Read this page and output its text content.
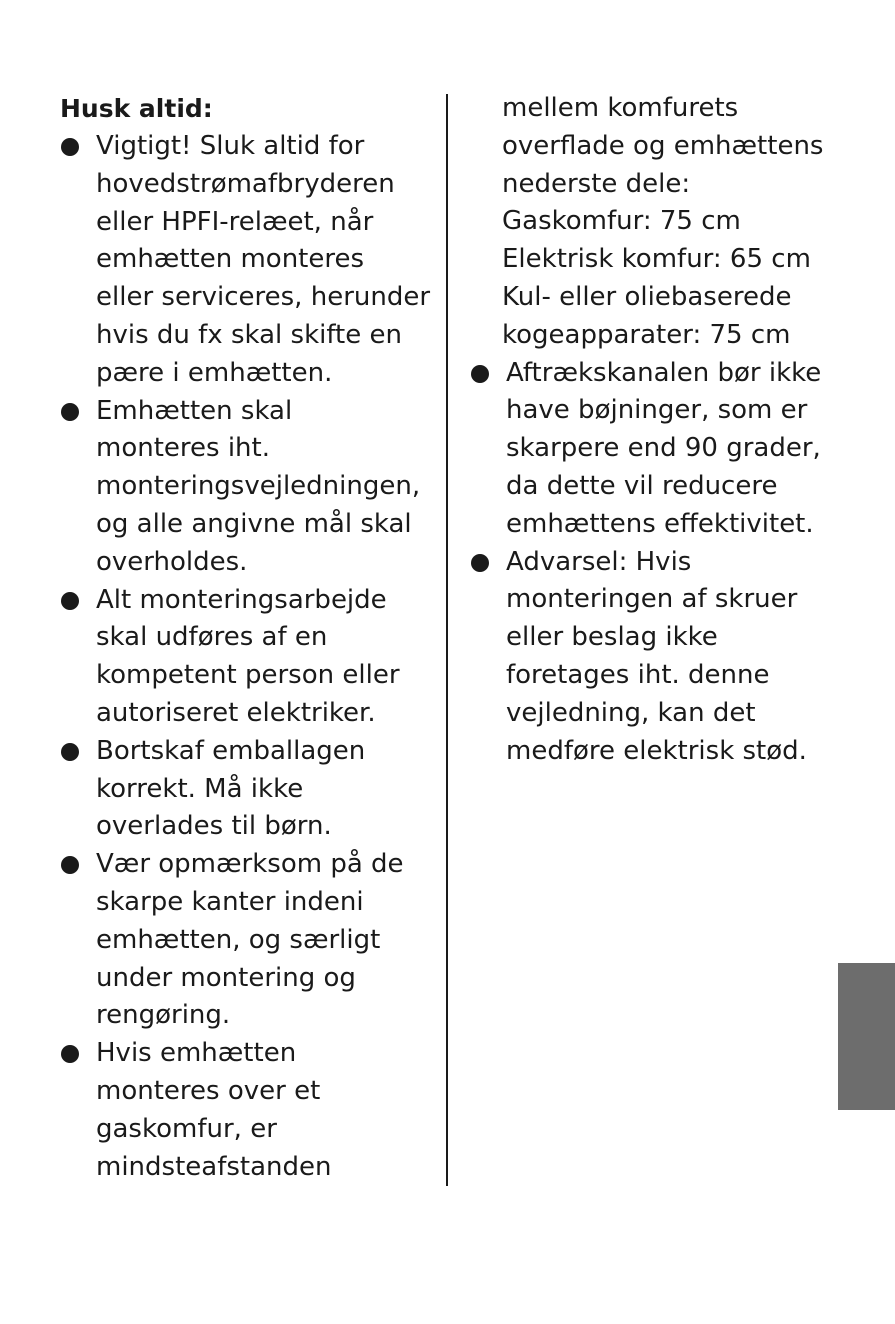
Husk altid:
Vigtigt! Sluk altid for
hovedstrømafbryderen
eller HPFI-relæet, når
emhætten monteres
eller serviceres, herunder
hvis du fx skal skifte en
pære i emhætten.
Emhætten skal
monteres iht.
monteringsvejledningen,
og alle angivne mål skal
overholdes.
Alt monteringsarbejde
skal udføres af en
kompetent person eller
autoriseret elektriker.
Bortskaf emballagen
korrekt. Må ikke
overlades til børn.
Vær opmærksom på de
skarpe kanter indeni
emhætten, og særligt
under montering og
rengøring.
Hvis emhætten
monteres over et
gaskomfur, er
mindsteafstanden
mellem komfurets
overflade og emhættens
nederste dele:
Gaskomfur: 75 cm
Elektrisk komfur: 65 cm
Kul- eller oliebaserede
kogeapparater: 75 cm
Aftrækskanalen bør ikke
have bøjninger, som er
skarpere end 90 grader,
da dette vil reducere
emhættens effektivitet.
Advarsel: Hvis
monteringen af skruer
eller beslag ikke
foretages iht. denne
vejledning, kan det
medføre elektrisk stød.
